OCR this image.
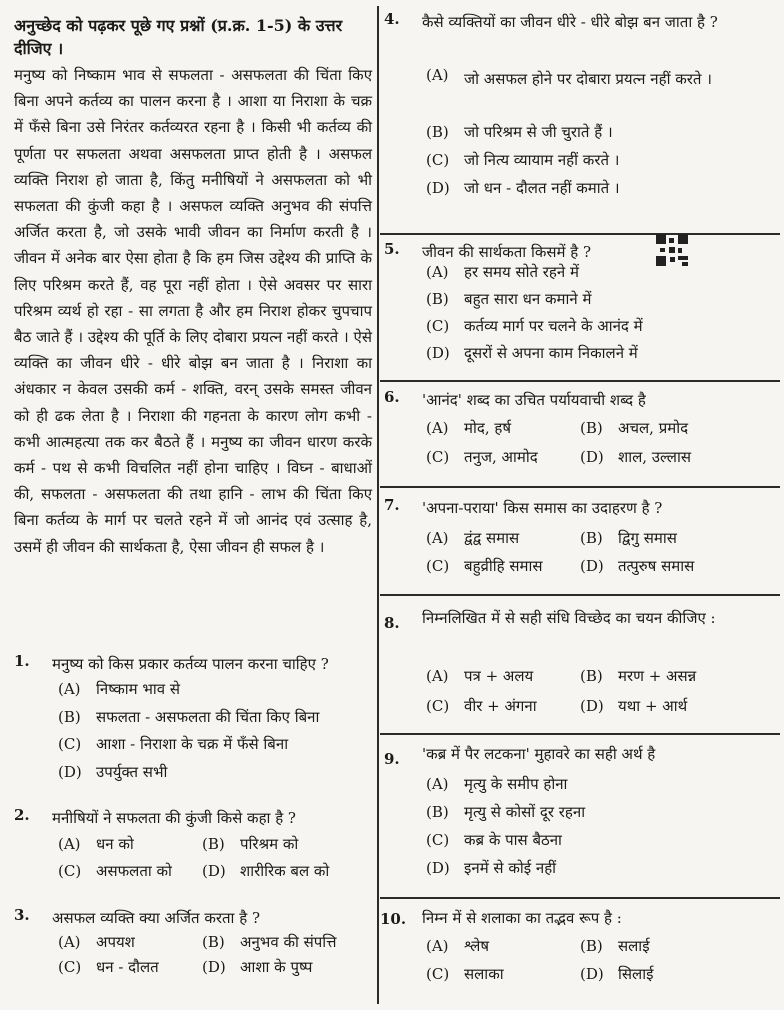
अनुच्छेद को पढ़कर पूछे गए प्रश्नों (प्र.क्र. 1-5) के उत्तर दीजिए ।

मनुष्य को निष्काम भाव से सफलता - असफलता की चिंता किए बिना अपने कर्तव्य का पालन करना है । आशा या निराशा के चक्र में फँसे बिना उसे निरंतर कर्तव्यरत रहना है । किसी भी कर्तव्य की पूर्णता पर सफलता अथवा असफलता प्राप्त होती है । असफल व्यक्ति निराश हो जाता है, किंतु मनीषियों ने असफलता को भी सफलता की कुंजी कहा है । असफल व्यक्ति अनुभव की संपत्ति अर्जित करता है, जो उसके भावी जीवन का निर्माण करती है । जीवन में अनेक बार ऐसा होता है कि हम जिस उद्देश्य की प्राप्ति के लिए परिश्रम करते हैं, वह पूरा नहीं होता । ऐसे अवसर पर सारा परिश्रम व्यर्थ हो रहा - सा लगता है और हम निराश होकर चुपचाप बैठ जाते हैं । उद्देश्य की पूर्ति के लिए दोबारा प्रयत्न नहीं करते । ऐसे व्यक्ति का जीवन धीरे - धीरे बोझ बन जाता है । निराशा का अंधकार न केवल उसकी कर्म - शक्ति, वरन् उसके समस्त जीवन को ही ढक लेता है । निराशा की गहनता के कारण लोग कभी - कभी आत्महत्या तक कर बैठते हैं । मनुष्य का जीवन धारण करके कर्म - पथ से कभी विचलित नहीं होना चाहिए । विघ्न - बाधाओं की, सफलता - असफलता की तथा हानि - लाभ की चिंता किए बिना कर्तव्य के मार्ग पर चलते रहने में जो आनंद एवं उत्साह है, उसमें ही जीवन की सार्थकता है, ऐसा जीवन ही सफल है ।

1.	मनुष्य को किस प्रकार कर्तव्य पालन करना चाहिए ?
(A) निष्काम भाव से
(B) सफलता - असफलता की चिंता किए बिना
(C) आशा - निराशा के चक्र में फँसे बिना
(D) उपर्युक्त सभी
2.	मनीषियों ने सफलता की कुंजी किसे कहा है ?
(A) धन को	(B) परिश्रम को
(C) असफलता को (D) शारीरिक बल को
3.	असफल व्यक्ति क्या अर्जित करता है ?
(A) अपयश	(B) अनुभव की संपत्ति
(C) धन - दौलत	(D) आशा के पुष्प
4.	कैसे व्यक्तियों का जीवन धीरे - धीरे बोझ बन जाता है ?
(A)	जो असफल होने पर दोबारा प्रयत्न नहीं करते ।
(B) जो परिश्रम से जी चुराते हैं ।
(C) जो नित्य व्यायाम नहीं करते ।
(D) जो धन - दौलत नहीं कमाते ।
5.	जीवन की सार्थकता किसमें है ?
(A) हर समय सोते रहने में
(B) बहुत सारा धन कमाने में
(C) कर्तव्य मार्ग पर चलने के आनंद में
(D) दूसरों से अपना काम निकालने में
6.	'आनंद' शब्द का उचित पर्यायवाची शब्द है
(A) मोद, हर्ष	(B) अचल, प्रमोद
(C) तनुज, आमोद	(D) शाल, उल्लास
7.	'अपना-पराया' किस समास का उदाहरण है ?
(A) द्वंद्व समास	(B) द्विगु समास
(C) बहुव्रीहि समास (D) तत्पुरुष समास
8.	निम्नलिखित में से सही संधि विच्छेद का चयन कीजिए :
(A) पत्र + अलय	(B) मरण + असन्न
(C) वीर + अंगना	(D) यथा + आर्थ
9.	'कब्र में पैर लटकना' मुहावरे का सही अर्थ है
(A) मृत्यु के समीप होना
(B) मृत्यु से कोसों दूर रहना
(C) कब्र के पास बैठना
(D) इनमें से कोई नहीं
10. निम्न में से शलाका का तद्भव रूप है :
(A) श्लेष	(B) सलाई
(C) सलाका	(D) सिलाई
